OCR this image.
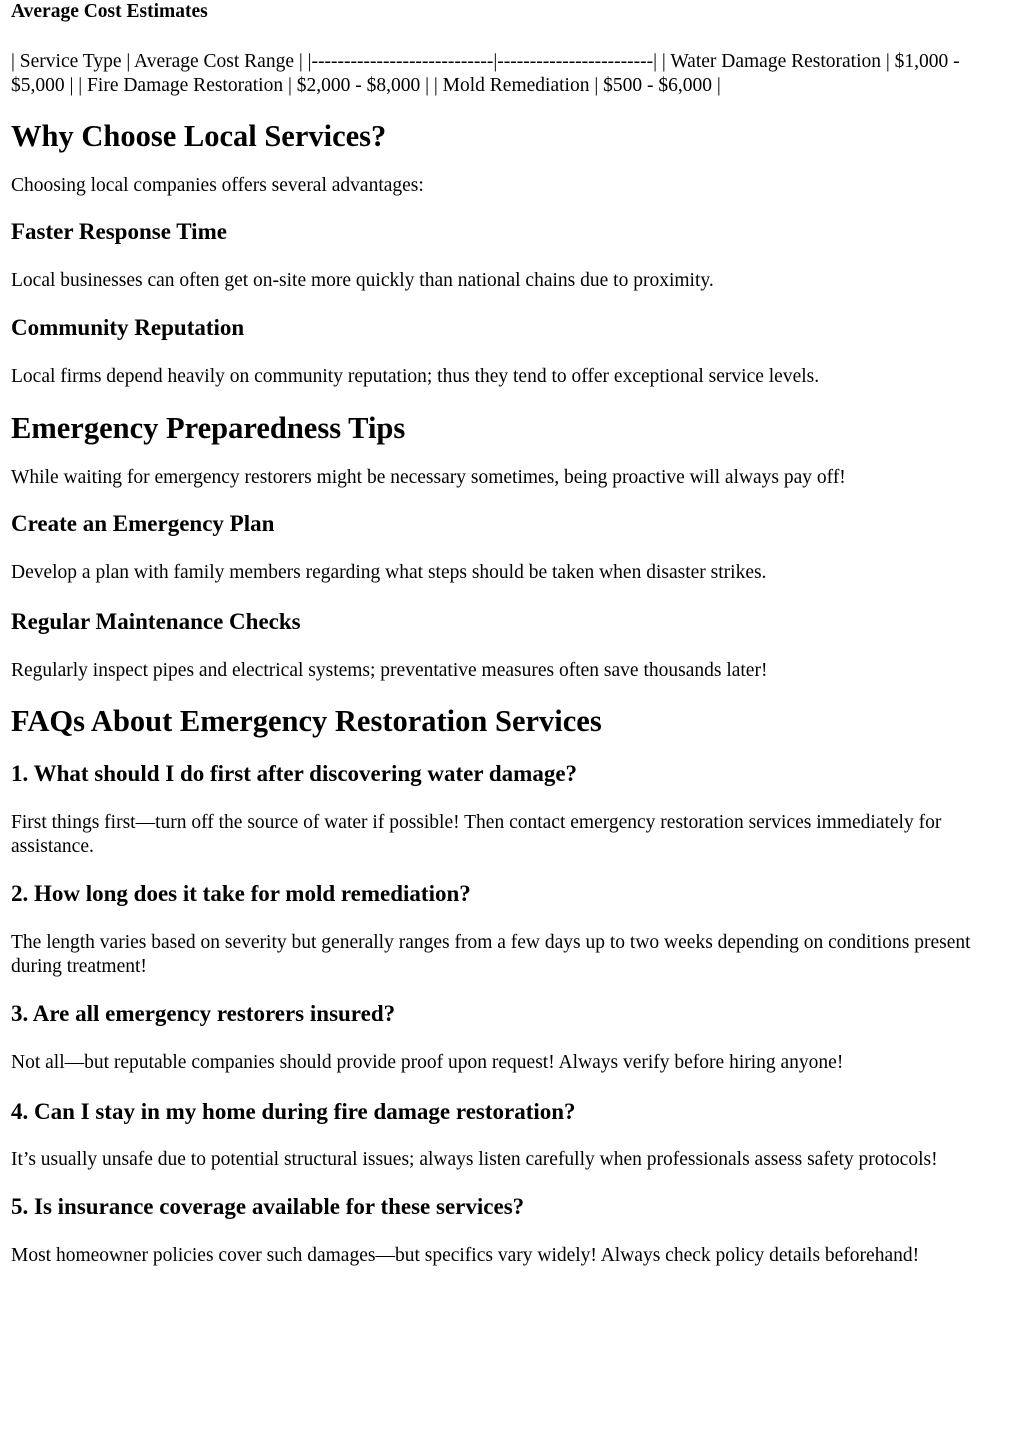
Average Cost Estimates

| Service Type | Average Cost Range | |----------------------------|------------------------| | Water Damage Restoration | $1,000 - $5,000 | | Fire Damage Restoration | $2,000 - $8,000 | | Mold Remediation | $500 - $6,000 |

Why Choose Local Services?

Choosing local companies offers several advantages:

Faster Response Time

Local businesses can often get on-site more quickly than national chains due to proximity.

Community Reputation

Local firms depend heavily on community reputation; thus they tend to offer exceptional service levels.

Emergency Preparedness Tips

While waiting for emergency restorers might be necessary sometimes, being proactive will always pay off!

Create an Emergency Plan

Develop a plan with family members regarding what steps should be taken when disaster strikes.

Regular Maintenance Checks

Regularly inspect pipes and electrical systems; preventative measures often save thousands later!

FAQs About Emergency Restoration Services
1. What should I do first after discovering water damage?

First things first—turn off the source of water if possible! Then contact emergency restoration services immediately for assistance.

2. How long does it take for mold remediation?

The length varies based on severity but generally ranges from a few days up to two weeks depending on conditions present during treatment!

3. Are all emergency restorers insured?

Not all—but reputable companies should provide proof upon request! Always verify before hiring anyone!

4. Can I stay in my home during fire damage restoration?

It’s usually unsafe due to potential structural issues; always listen carefully when professionals assess safety protocols!

5. Is insurance coverage available for these services?

Most homeowner policies cover such damages—but specifics vary widely! Always check policy details beforehand!
